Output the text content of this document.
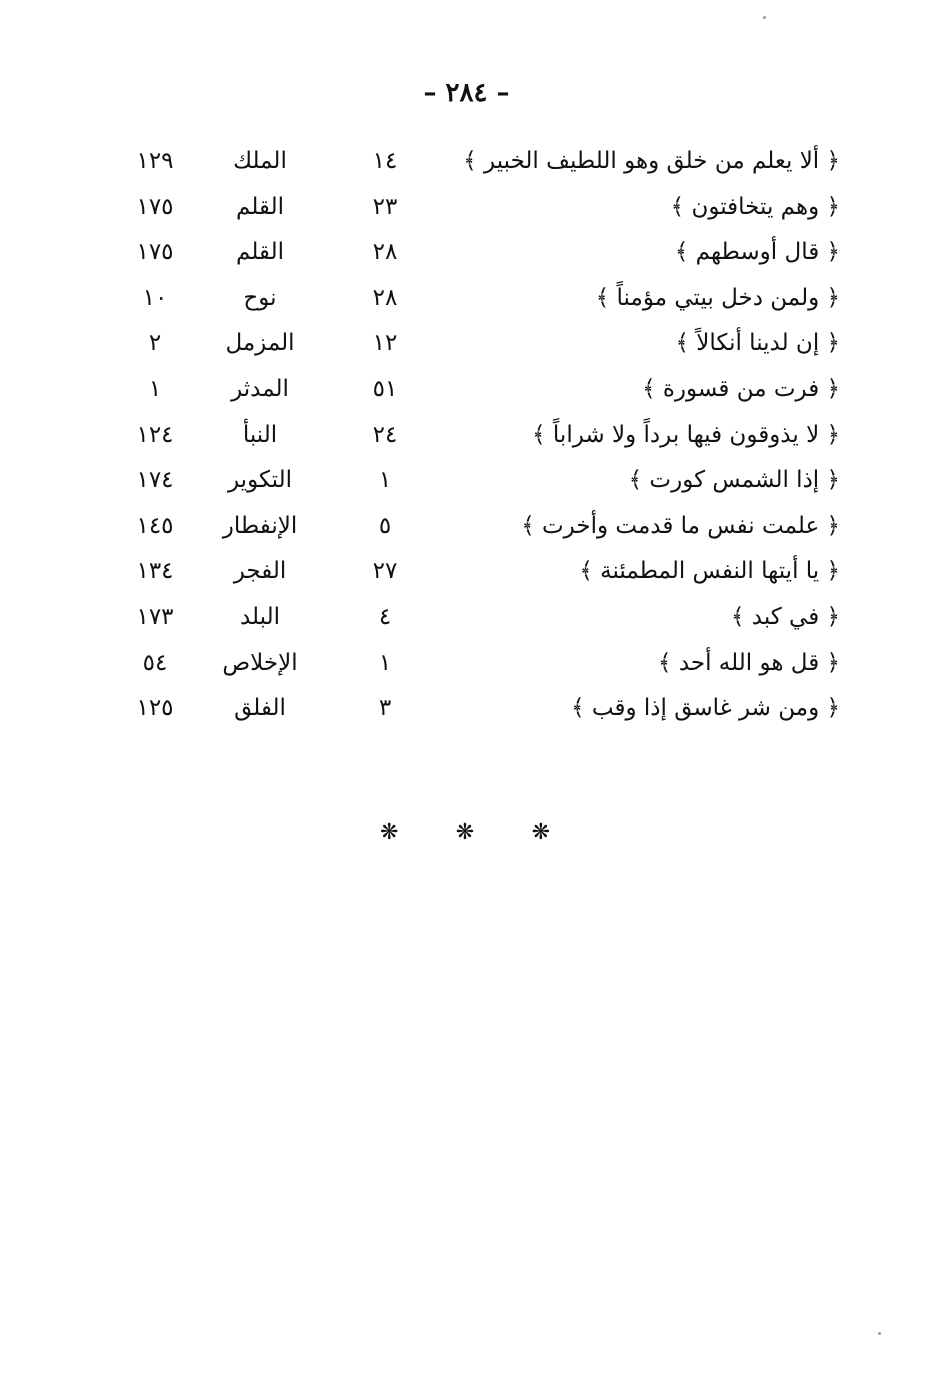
– ٢٨٤ –
﴿ ألا يعلم من خلق وهو اللطيف الخبير ﴾
١٤
الملك
١٢٩
﴿ وهم يتخافتون ﴾
٢٣
القلم
١٧٥
﴿ قال أوسطهم ﴾
٢٨
القلم
١٧٥
﴿ ولمن دخل بيتي مؤمناً ﴾
٢٨
نوح
١٠
﴿ إن لدينا أنكالاً ﴾
١٢
المزمل
٢
﴿ فرت من قسورة ﴾
٥١
المدثر
١
﴿ لا يذوقون فيها برداً ولا شراباً ﴾
٢٤
النبأ
١٢٤
﴿ إذا الشمس كورت ﴾
١
التكوير
١٧٤
﴿ علمت نفس ما قدمت وأخرت ﴾
٥
الإنفطار
١٤٥
﴿ يا أيتها النفس المطمئنة ﴾
٢٧
الفجر
١٣٤
﴿ في كبد ﴾
٤
البلد
١٧٣
﴿ قل هو الله أحد ﴾
١
الإخلاص
٥٤
﴿ ومن شر غاسق إذا وقب ﴾
٣
الفلق
١٢٥
❋	❋	❋
